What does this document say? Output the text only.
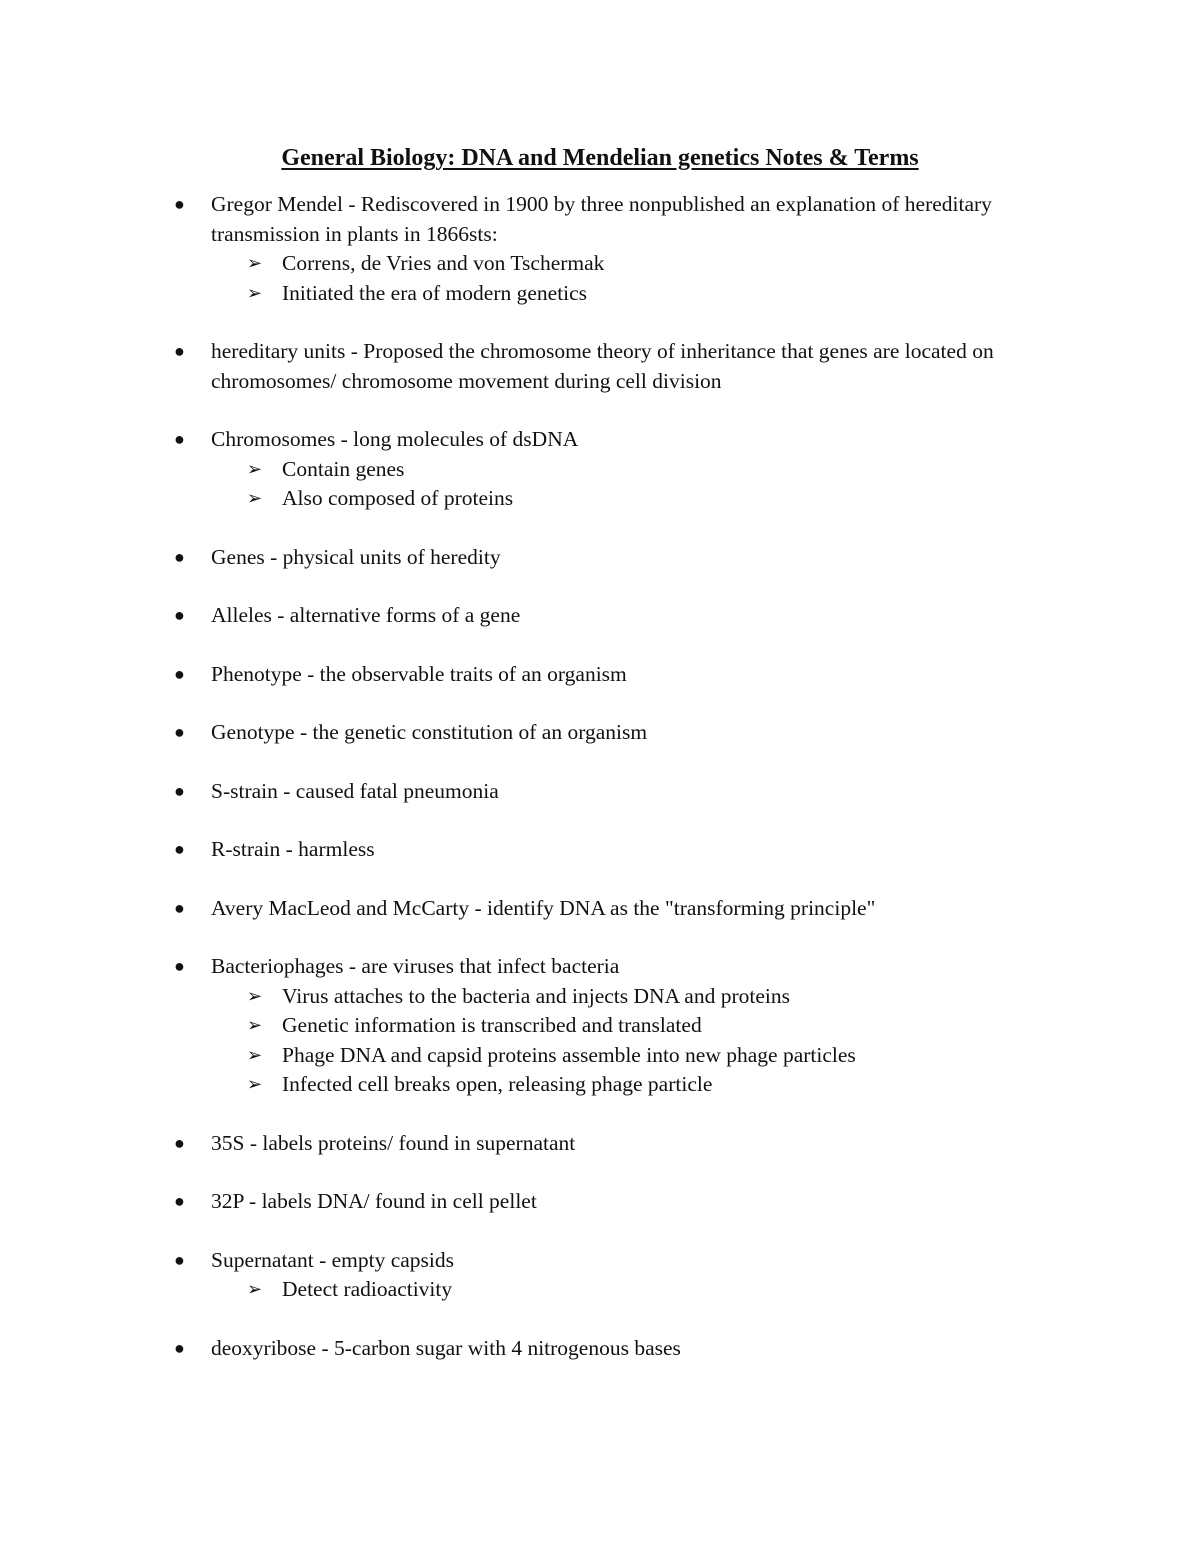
General Biology: DNA and Mendelian genetics Notes & Terms
● Gregor Mendel - Rediscovered in 1900 by three nonpublished an explanation of hereditary transmission in plants in 1866sts:
➢ Correns, de Vries and von Tschermak
➢ Initiated the era of modern genetics
● hereditary units - Proposed the chromosome theory of inheritance that genes are located on chromosomes/ chromosome movement during cell division
● Chromosomes - long molecules of dsDNA
➢ Contain genes
➢ Also composed of proteins
● Genes - physical units of heredity
● Alleles - alternative forms of a gene
● Phenotype - the observable traits of an organism
● Genotype - the genetic constitution of an organism
● S-strain - caused fatal pneumonia
● R-strain - harmless
● Avery MacLeod and McCarty - identify DNA as the "transforming principle"
● Bacteriophages - are viruses that infect bacteria
➢ Virus attaches to the bacteria and injects DNA and proteins
➢ Genetic information is transcribed and translated
➢ Phage DNA and capsid proteins assemble into new phage particles
➢ Infected cell breaks open, releasing phage particle
● 35S - labels proteins/ found in supernatant
● 32P - labels DNA/ found in cell pellet
● Supernatant - empty capsids
➢ Detect radioactivity
● deoxyribose - 5-carbon sugar with 4 nitrogenous bases
